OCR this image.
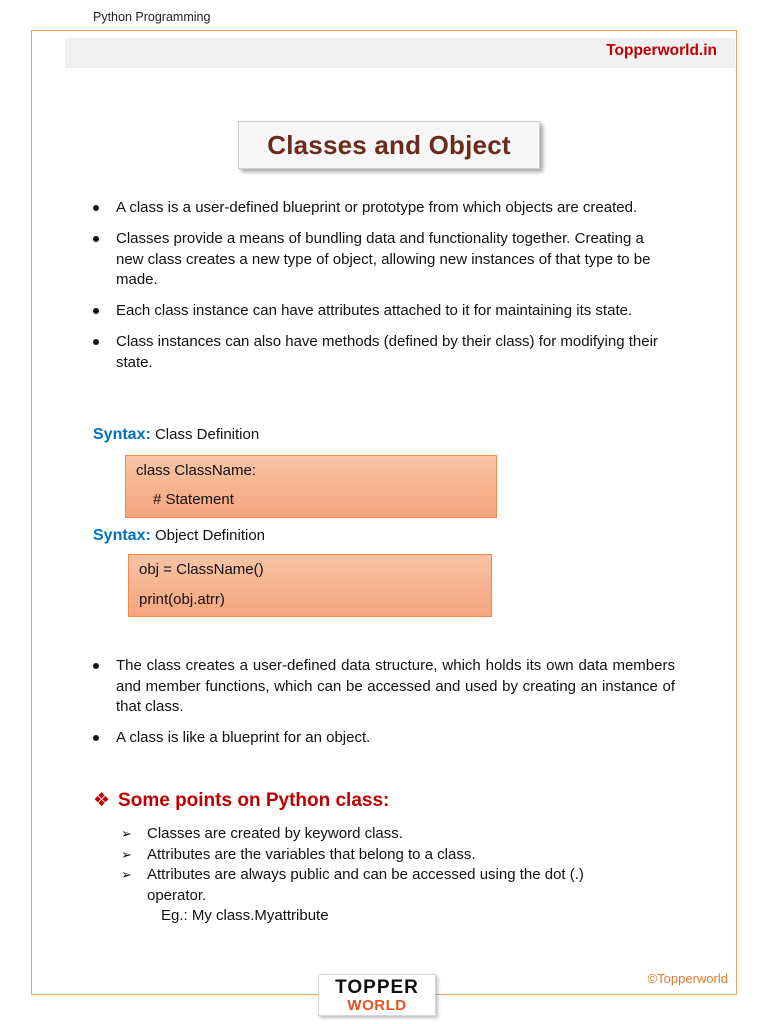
Python Programming
Topperworld.in
Classes and Object
A class is a user-defined blueprint or prototype from which objects are created.
Classes provide a means of bundling data and functionality together. Creating a new class creates a new type of object, allowing new instances of that type to be made.
Each class instance can have attributes attached to it for maintaining its state.
Class instances can also have methods (defined by their class) for modifying their state.
Syntax: Class Definition
class ClassName:
# Statement
Syntax: Object Definition
obj = ClassName()
print(obj.atrr)
The class creates a user-defined data structure, which holds its own data members and member functions, which can be accessed and used by creating an instance of that class.
A class is like a blueprint for an object.
❖ Some points on Python class:
➢ Classes are created by keyword class.
➢ Attributes are the variables that belong to a class.
➢ Attributes are always public and can be accessed using the dot (.) operator.
Eg.: My class.Myattribute
©Topperworld
TOPPER
WORLD
